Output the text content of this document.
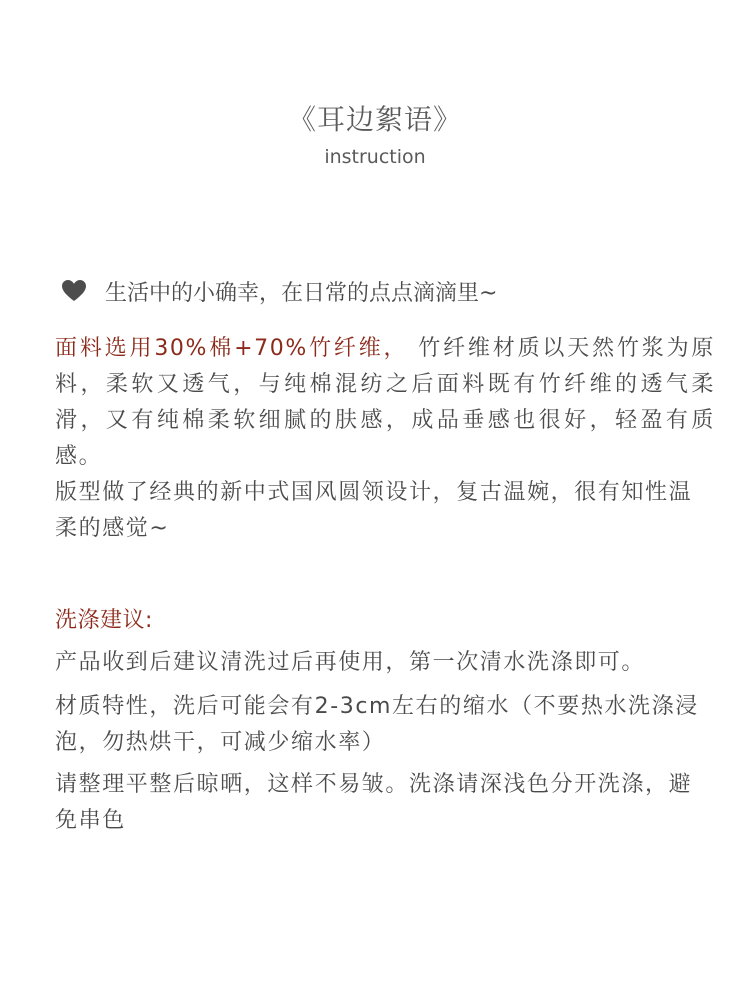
《耳边絮语》
instruction
生活中的小确幸，在日常的点点滴滴里~
面料选用30%棉+70%竹纤维， 竹纤维材质以天然竹浆为原料，柔软又透气，与纯棉混纺之后面料既有竹纤维的透气柔滑，又有纯棉柔软细腻的肤感，成品垂感也很好，轻盈有质感。
版型做了经典的新中式国风圆领设计，复古温婉，很有知性温柔的感觉~
洗涤建议:
产品收到后建议清洗过后再使用，第一次清水洗涤即可。
材质特性，洗后可能会有2-3cm左右的缩水（不要热水洗涤浸泡，勿热烘干，可减少缩水率）
请整理平整后晾晒，这样不易皱。洗涤请深浅色分开洗涤，避免串色
